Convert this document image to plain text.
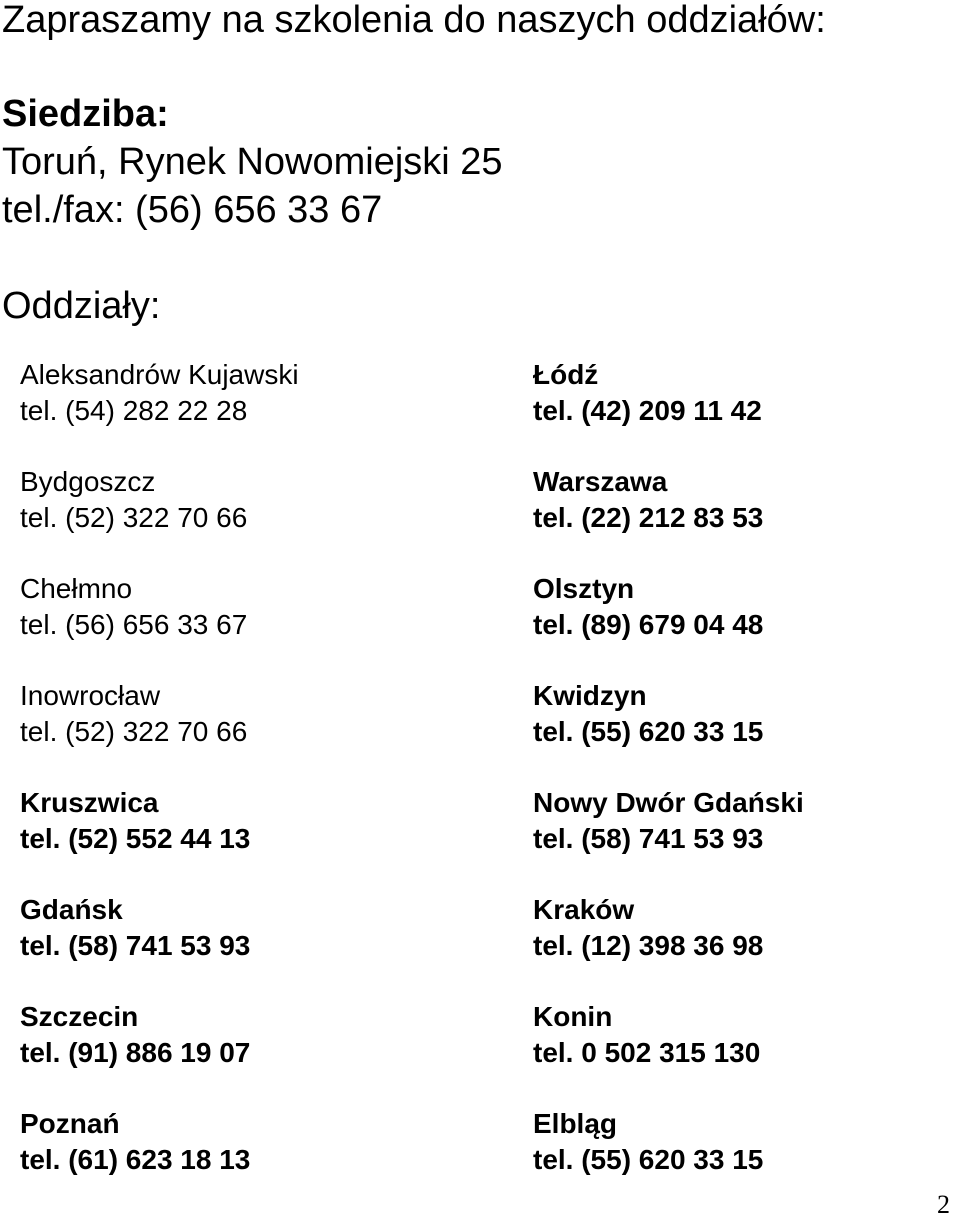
Zapraszamy na szkolenia do naszych oddziałów:
Siedziba:
Toruń, Rynek Nowomiejski 25
tel./fax: (56) 656 33 67
Oddziały:
Aleksandrów Kujawski
tel. (54) 282 22 28
Bydgoszcz
tel. (52) 322 70 66
Chełmno
tel. (56) 656 33 67
Inowrocław
tel. (52) 322 70 66
Kruszwica
tel. (52) 552 44 13
Gdańsk
tel. (58) 741 53 93
Szczecin
tel. (91) 886 19 07
Poznań
tel. (61) 623 18 13
Łódź
tel. (42) 209 11 42
Warszawa
tel. (22) 212 83 53
Olsztyn
tel. (89) 679 04 48
Kwidzyn
tel. (55) 620 33 15
Nowy Dwór Gdański
tel. (58) 741 53 93
Kraków
tel. (12) 398 36 98
Konin
tel. 0 502 315 130
Elbląg
tel. (55) 620 33 15
2
